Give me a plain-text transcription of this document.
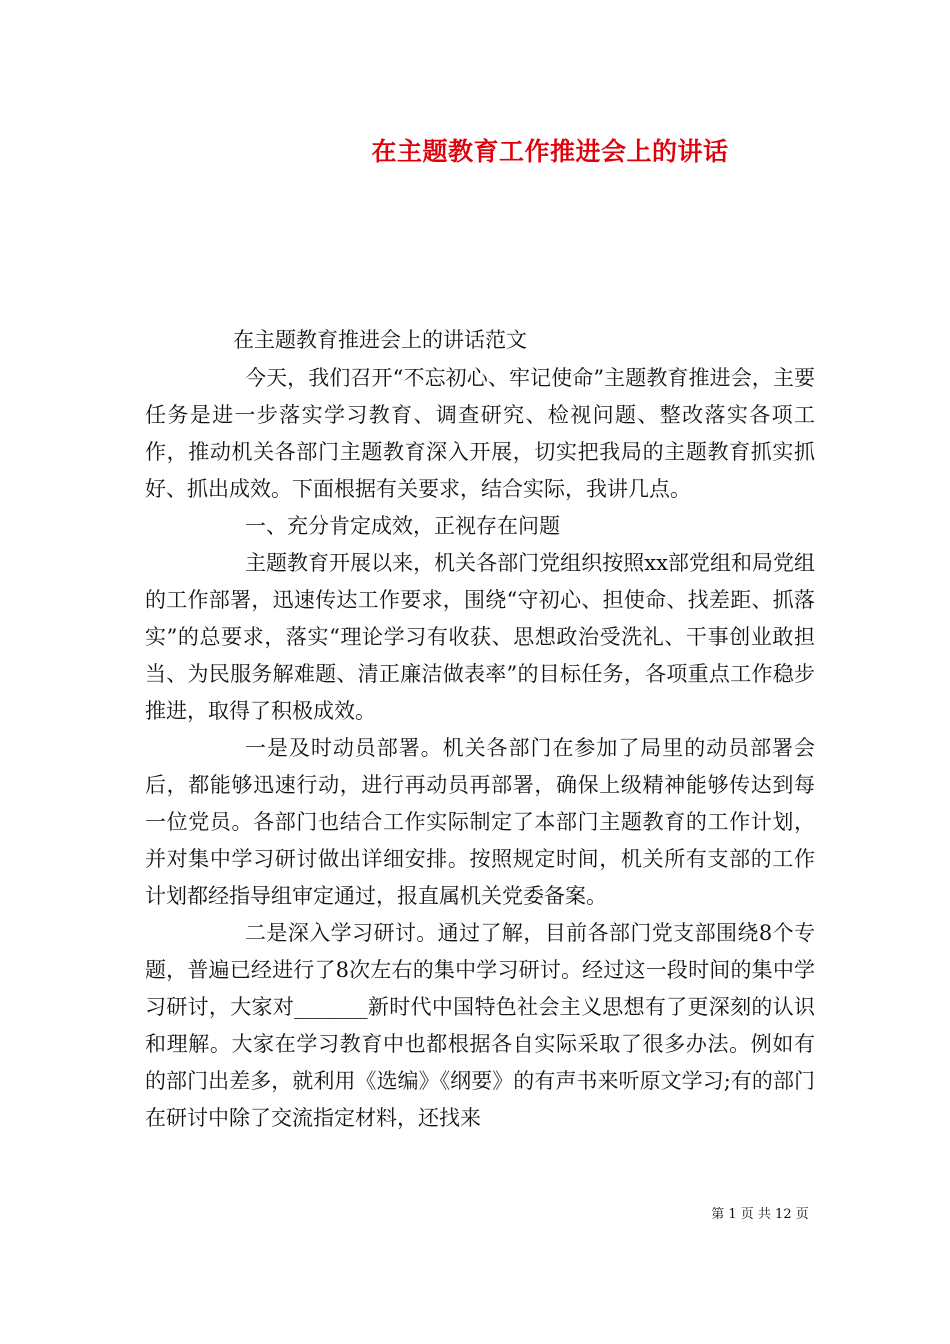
在主题教育工作推进会上的讲话
在主题教育推进会上的讲话范文

今天，我们召开“不忘初心、牢记使命”主题教育推进会，主要任务是进一步落实学习教育、调查研究、检视问题、整改落实各项工作，推动机关各部门主题教育深入开展，切实把我局的主题教育抓实抓好、抓出成效。下面根据有关要求，结合实际，我讲几点。

一、充分肯定成效，正视存在问题

主题教育开展以来，机关各部门党组织按照xx部党组和局党组的工作部署，迅速传达工作要求，围绕“守初心、担使命、找差距、抓落实”的总要求，落实“理论学习有收获、思想政治受洗礼、干事创业敢担当、为民服务解难题、清正廉洁做表率”的目标任务，各项重点工作稳步推进，取得了积极成效。

一是及时动员部署。机关各部门在参加了局里的动员部署会后，都能够迅速行动，进行再动员再部署，确保上级精神能够传达到每一位党员。各部门也结合工作实际制定了本部门主题教育的工作计划，并对集中学习研讨做出详细安排。按照规定时间，机关所有支部的工作计划都经指导组审定通过，报直属机关党委备案。

二是深入学习研讨。通过了解，目前各部门党支部围绕8个专题，普遍已经进行了8次左右的集中学习研讨。经过这一段时间的集中学习研讨，大家对_______新时代中国特色社会主义思想有了更深刻的认识和理解。大家在学习教育中也都根据各自实际采取了很多办法。例如有的部门出差多，就利用《选编》《纲要》的有声书来听原文学习;有的部门在研讨中除了交流指定材料，还找来

第 1 页 共 12 页
